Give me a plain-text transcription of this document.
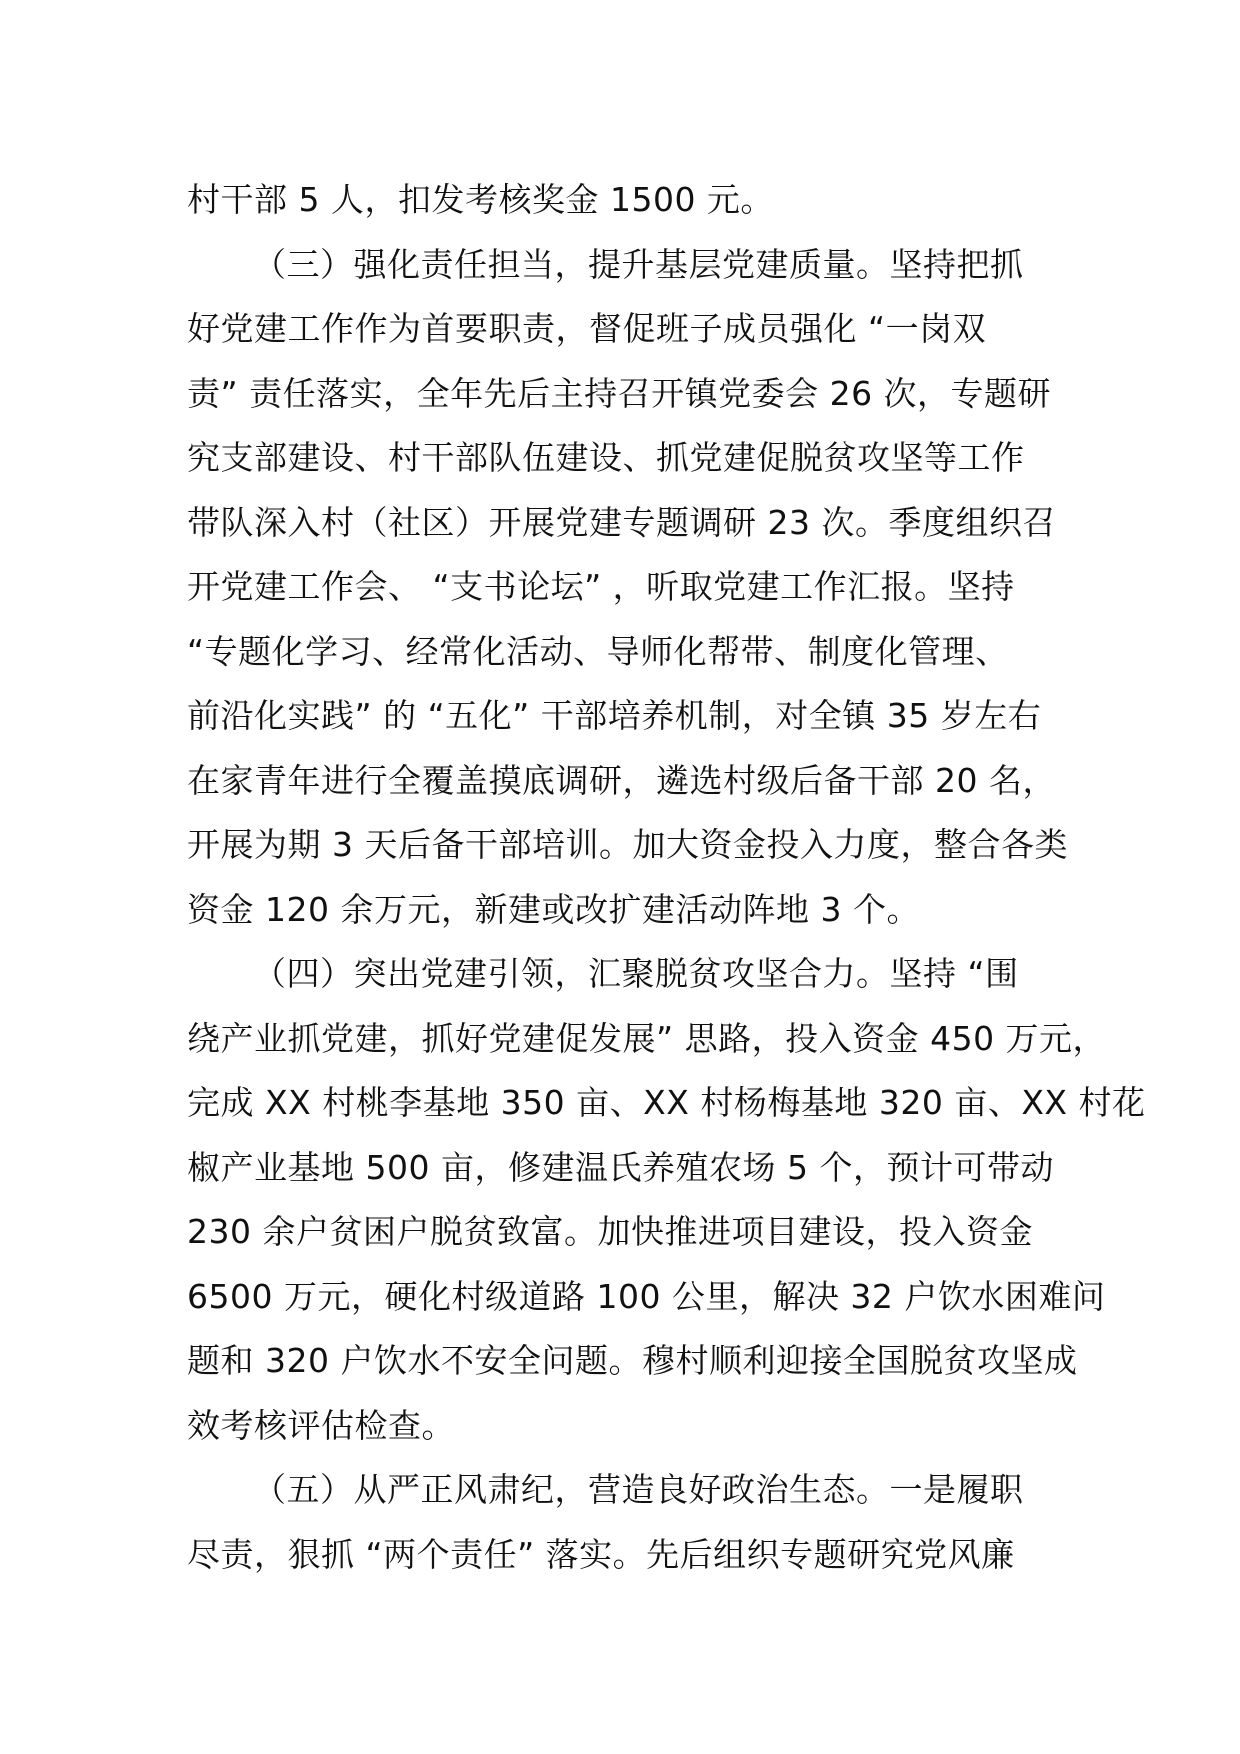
村干部 5 人，扣发考核奖金 1500 元。
（三）强化责任担当，提升基层党建质量。坚持把抓
好党建工作作为首要职责，督促班子成员强化 “一岗双
责” 责任落实，全年先后主持召开镇党委会 26 次，专题研
究支部建设、村干部队伍建设、抓党建促脱贫攻坚等工作
带队深入村（社区）开展党建专题调研 23 次。季度组织召
开党建工作会、 “支书论坛” ，听取党建工作汇报。坚持
“专题化学习、经常化活动、导师化帮带、制度化管理、
前沿化实践” 的 “五化” 干部培养机制，对全镇 35 岁左右
在家青年进行全覆盖摸底调研，遴选村级后备干部 20 名，
开展为期 3 天后备干部培训。加大资金投入力度，整合各类
资金 120 余万元，新建或改扩建活动阵地 3 个。
（四）突出党建引领，汇聚脱贫攻坚合力。坚持 “围
绕产业抓党建，抓好党建促发展” 思路，投入资金 450 万元，
完成 XX 村桃李基地 350 亩、XX 村杨梅基地 320 亩、XX 村花
椒产业基地 500 亩，修建温氏养殖农场 5 个，预计可带动
230 余户贫困户脱贫致富。加快推进项目建设，投入资金
6500 万元，硬化村级道路 100 公里，解决 32 户饮水困难问
题和 320 户饮水不安全问题。穆村顺利迎接全国脱贫攻坚成
效考核评估检查。
（五）从严正风肃纪，营造良好政治生态。一是履职
尽责，狠抓 “两个责任” 落实。先后组织专题研究党风廉
